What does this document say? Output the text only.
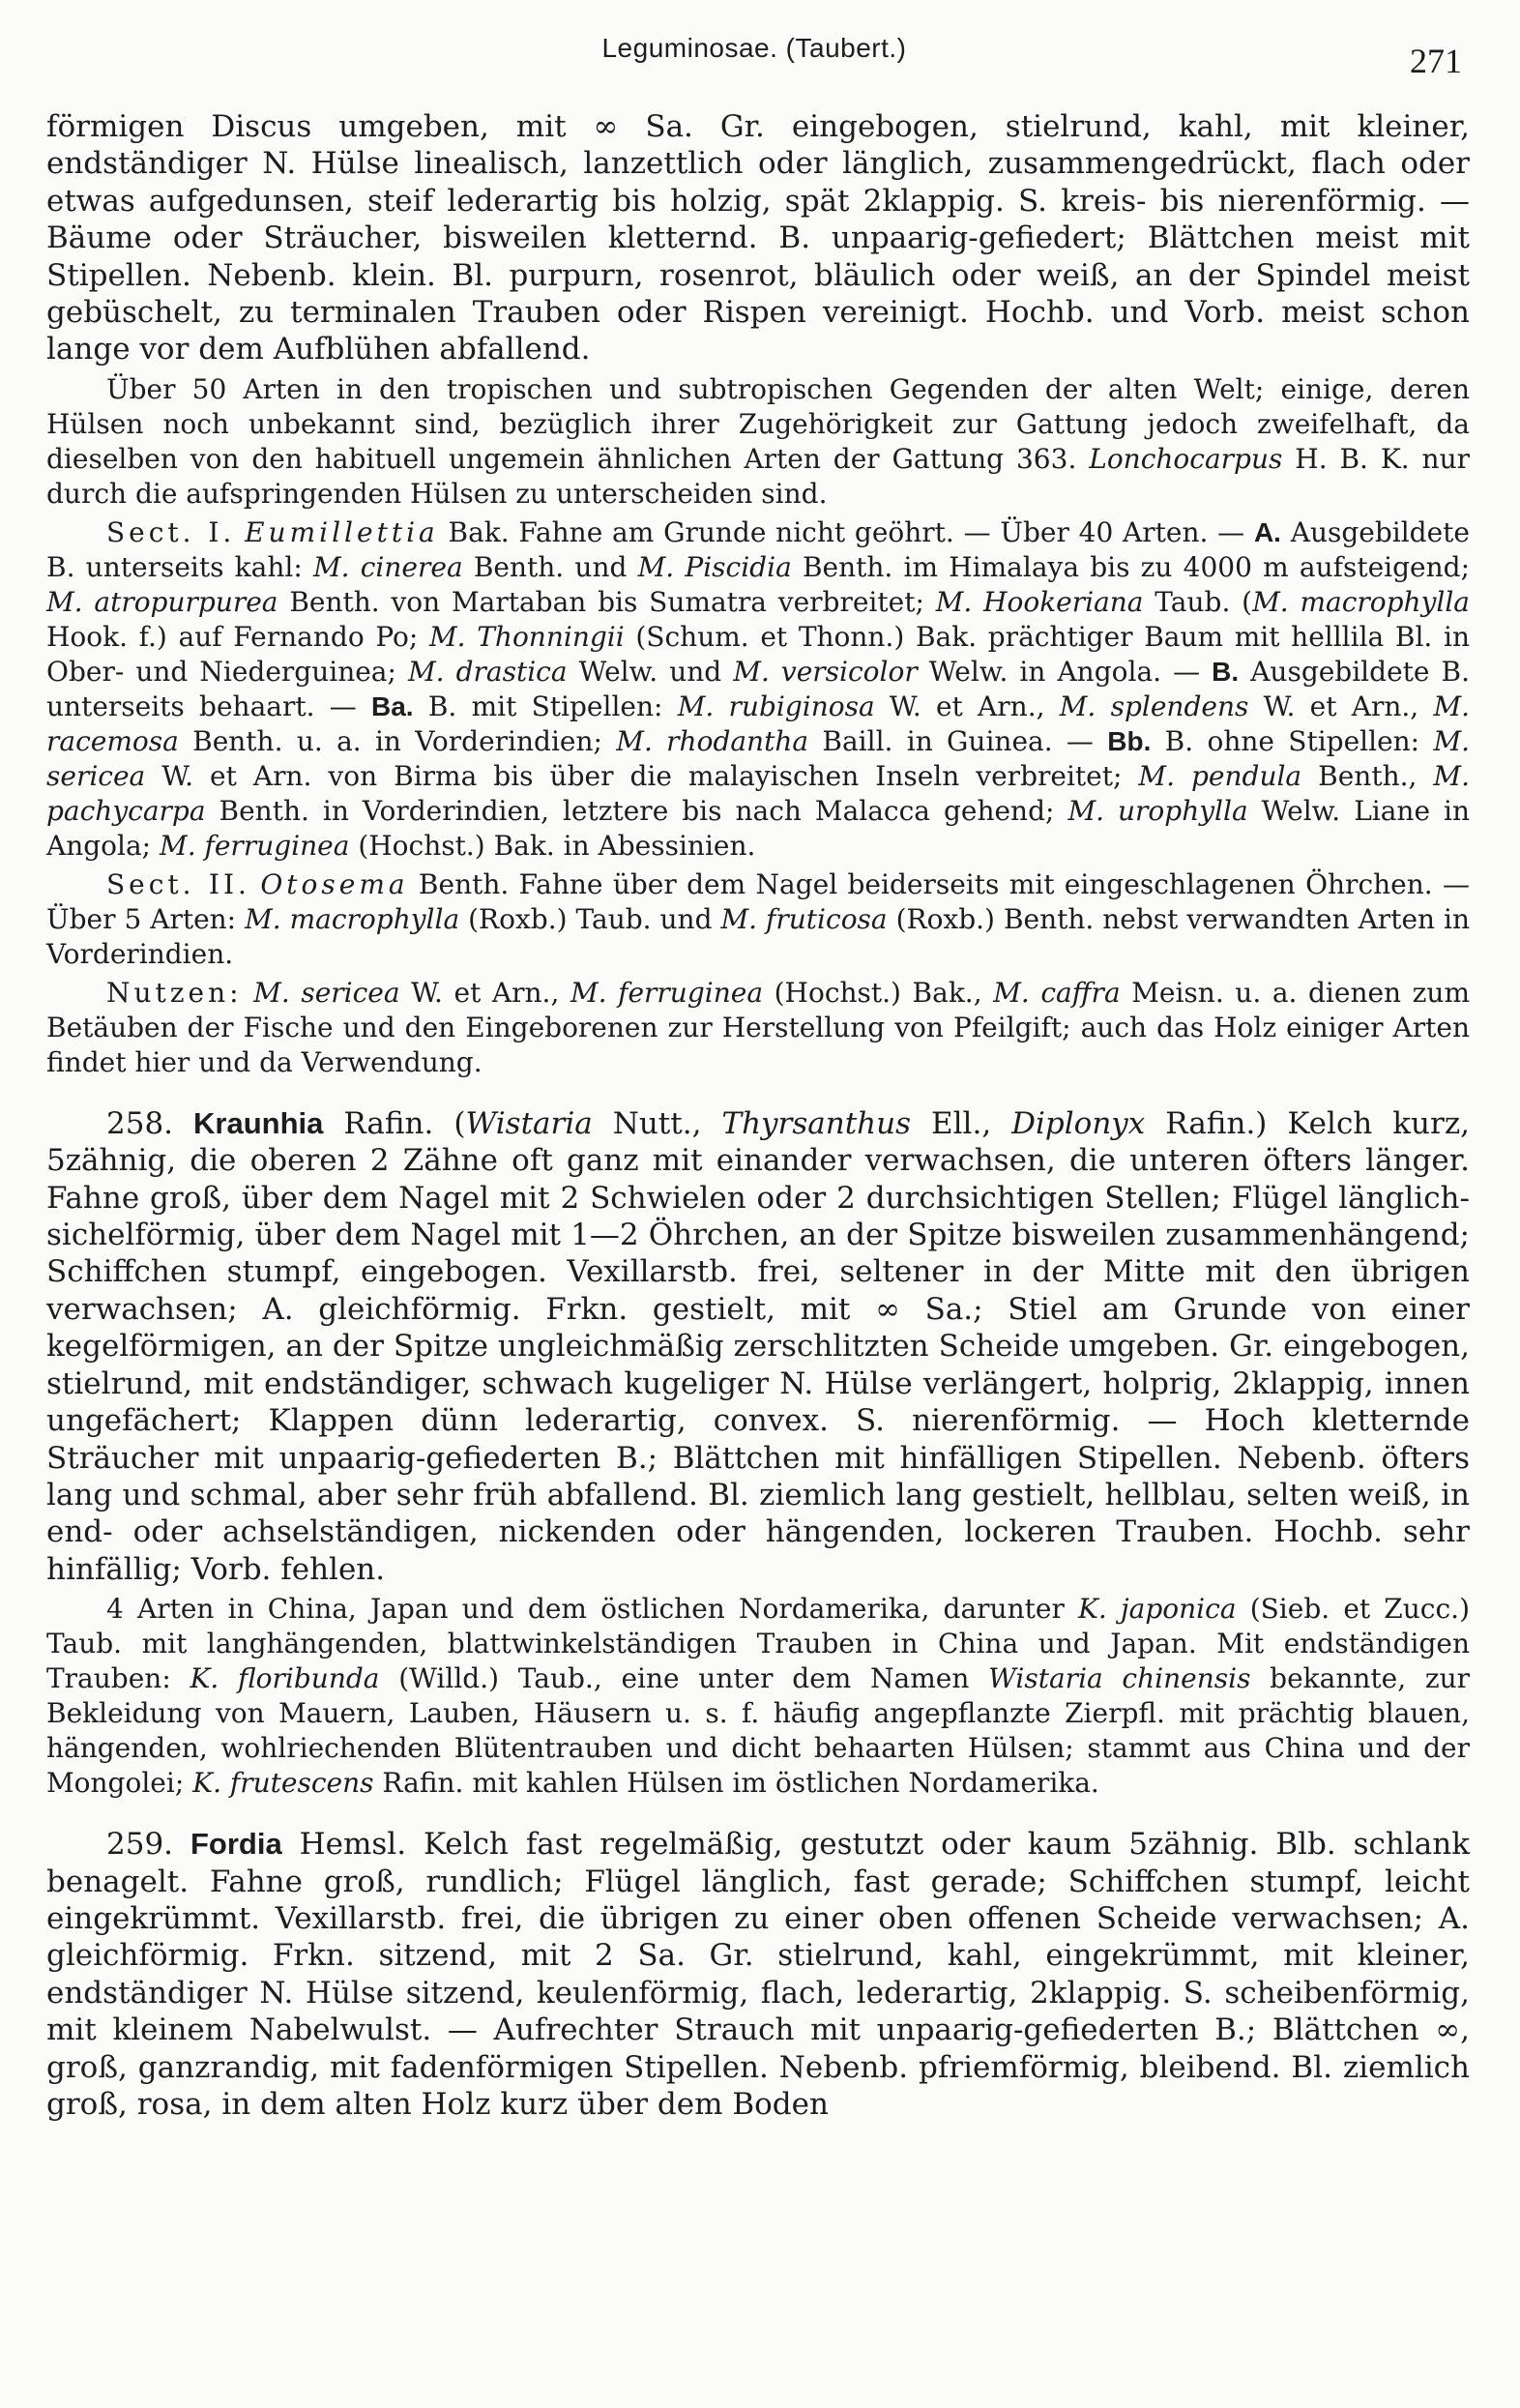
Leguminosae. (Taubert.)	271

förmigen Discus umgeben, mit ∞ Sa. Gr. eingebogen, stielrund, kahl, mit kleiner, endständiger N. Hülse linealisch, lanzettlich oder länglich, zusammengedrückt, flach oder etwas aufgedunsen, steif lederartig bis holzig, spät 2klappig. S. kreis- bis nierenförmig. — Bäume oder Sträucher, bisweilen kletternd. B. unpaarig-gefiedert; Blättchen meist mit Stipellen. Nebenb. klein. Bl. purpurn, rosenrot, bläulich oder weiß, an der Spindel meist gebüschelt, zu terminalen Trauben oder Rispen vereinigt. Hochb. und Vorb. meist schon lange vor dem Aufblühen abfallend.

Über 50 Arten in den tropischen und subtropischen Gegenden der alten Welt; einige, deren Hülsen noch unbekannt sind, bezüglich ihrer Zugehörigkeit zur Gattung jedoch zweifelhaft, da dieselben von den habituell ungemein ähnlichen Arten der Gattung 363. Lonchocarpus H. B. K. nur durch die aufspringenden Hülsen zu unterscheiden sind.

Sect. I. Eumillettia Bak. Fahne am Grunde nicht geöhrt. — Über 40 Arten. — A. Ausgebildete B. unterseits kahl: M. cinerea Benth. und M. Piscidia Benth. im Himalaya bis zu 4000 m aufsteigend; M. atropurpurea Benth. von Martaban bis Sumatra verbreitet; M. Hookeriana Taub. (M. macrophylla Hook. f.) auf Fernando Po; M. Thonningii (Schum. et Thonn.) Bak. prächtiger Baum mit helllila Bl. in Ober- und Niederguinea; M. drastica Welw. und M. versicolor Welw. in Angola. — B. Ausgebildete B. unterseits behaart. — Ba. B. mit Stipellen: M. rubiginosa W. et Arn., M. splendens W. et Arn., M. racemosa Benth. u. a. in Vorderindien; M. rhodantha Baill. in Guinea. — Bb. B. ohne Stipellen: M. sericea W. et Arn. von Birma bis über die malayischen Inseln verbreitet; M. pendula Benth., M. pachycarpa Benth. in Vorderindien, letztere bis nach Malacca gehend; M. urophylla Welw. Liane in Angola; M. ferruginea (Hochst.) Bak. in Abessinien.

Sect. II. Otosema Benth. Fahne über dem Nagel beiderseits mit eingeschlagenen Öhrchen. — Über 5 Arten: M. macrophylla (Roxb.) Taub. und M. fruticosa (Roxb.) Benth. nebst verwandten Arten in Vorderindien.

Nutzen: M. sericea W. et Arn., M. ferruginea (Hochst.) Bak., M. caffra Meisn. u. a. dienen zum Betäuben der Fische und den Eingeborenen zur Herstellung von Pfeilgift; auch das Holz einiger Arten findet hier und da Verwendung.

258. Kraunhia Rafin. (Wistaria Nutt., Thyrsanthus Ell., Diplonyx Rafin.) Kelch kurz, 5zähnig, die oberen 2 Zähne oft ganz mit einander verwachsen, die unteren öfters länger. Fahne groß, über dem Nagel mit 2 Schwielen oder 2 durchsichtigen Stellen; Flügel länglich-sichelförmig, über dem Nagel mit 1—2 Öhrchen, an der Spitze bisweilen zusammenhängend; Schiffchen stumpf, eingebogen. Vexillarstb. frei, seltener in der Mitte mit den übrigen verwachsen; A. gleichförmig. Frkn. gestielt, mit ∞ Sa.; Stiel am Grunde von einer kegelförmigen, an der Spitze ungleichmäßig zerschlitzten Scheide umgeben. Gr. eingebogen, stielrund, mit endständiger, schwach kugeliger N. Hülse verlängert, holprig, 2klappig, innen ungefächert; Klappen dünn lederartig, convex. S. nierenförmig. — Hoch kletternde Sträucher mit unpaarig-gefiederten B.; Blättchen mit hinfälligen Stipellen. Nebenb. öfters lang und schmal, aber sehr früh abfallend. Bl. ziemlich lang gestielt, hellblau, selten weiß, in end- oder achselständigen, nickenden oder hängenden, lockeren Trauben. Hochb. sehr hinfällig; Vorb. fehlen.

4 Arten in China, Japan und dem östlichen Nordamerika, darunter K. japonica (Sieb. et Zucc.) Taub. mit langhängenden, blattwinkelständigen Trauben in China und Japan. Mit endständigen Trauben: K. floribunda (Willd.) Taub., eine unter dem Namen Wistaria chinensis bekannte, zur Bekleidung von Mauern, Lauben, Häusern u. s. f. häufig angepflanzte Zierpfl. mit prächtig blauen, hängenden, wohlriechenden Blütentrauben und dicht behaarten Hülsen; stammt aus China und der Mongolei; K. frutescens Rafin. mit kahlen Hülsen im östlichen Nordamerika.

259. Fordia Hemsl. Kelch fast regelmäßig, gestutzt oder kaum 5zähnig. Blb. schlank benagelt. Fahne groß, rundlich; Flügel länglich, fast gerade; Schiffchen stumpf, leicht eingekrümmt. Vexillarstb. frei, die übrigen zu einer oben offenen Scheide verwachsen; A. gleichförmig. Frkn. sitzend, mit 2 Sa. Gr. stielrund, kahl, eingekrümmt, mit kleiner, endständiger N. Hülse sitzend, keulenförmig, flach, lederartig, 2klappig. S. scheibenförmig, mit kleinem Nabelwulst. — Aufrechter Strauch mit unpaarig-gefiederten B.; Blättchen ∞, groß, ganzrandig, mit fadenförmigen Stipellen. Nebenb. pfriemförmig, bleibend. Bl. ziemlich groß, rosa, in dem alten Holz kurz über dem Boden
